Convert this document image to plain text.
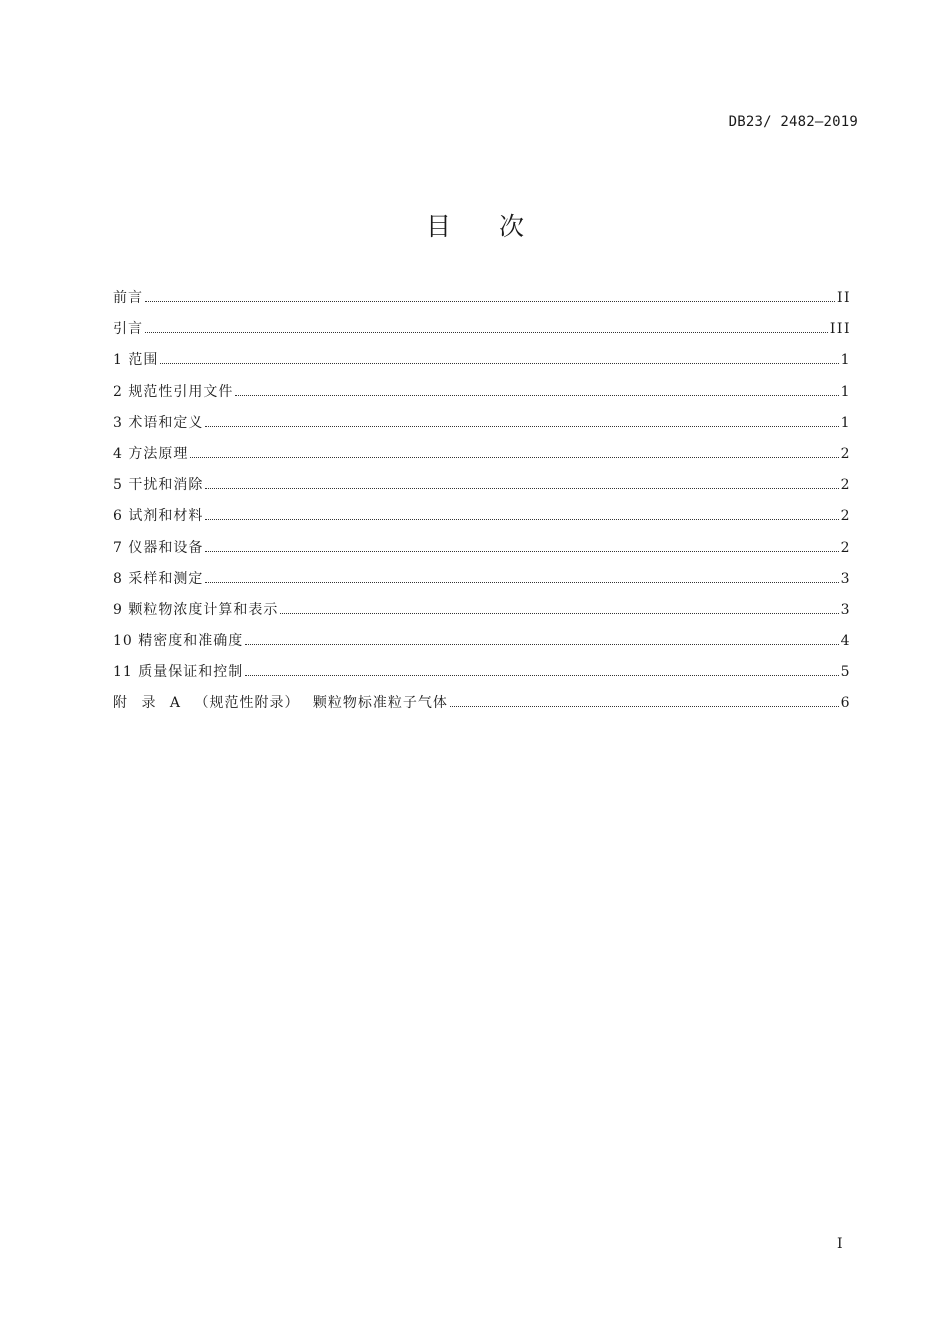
DB23/ 2482—2019
目次
前言	II
引言	III
1 范围	1
2 规范性引用文件	1
3 术语和定义	1
4 方法原理	2
5 干扰和消除	2
6 试剂和材料	2
7 仪器和设备	2
8 采样和测定	3
9 颗粒物浓度计算和表示	3
10 精密度和准确度	4
11 质量保证和控制	5
附 录 A （规范性附录） 颗粒物标准粒子气体	6
I
